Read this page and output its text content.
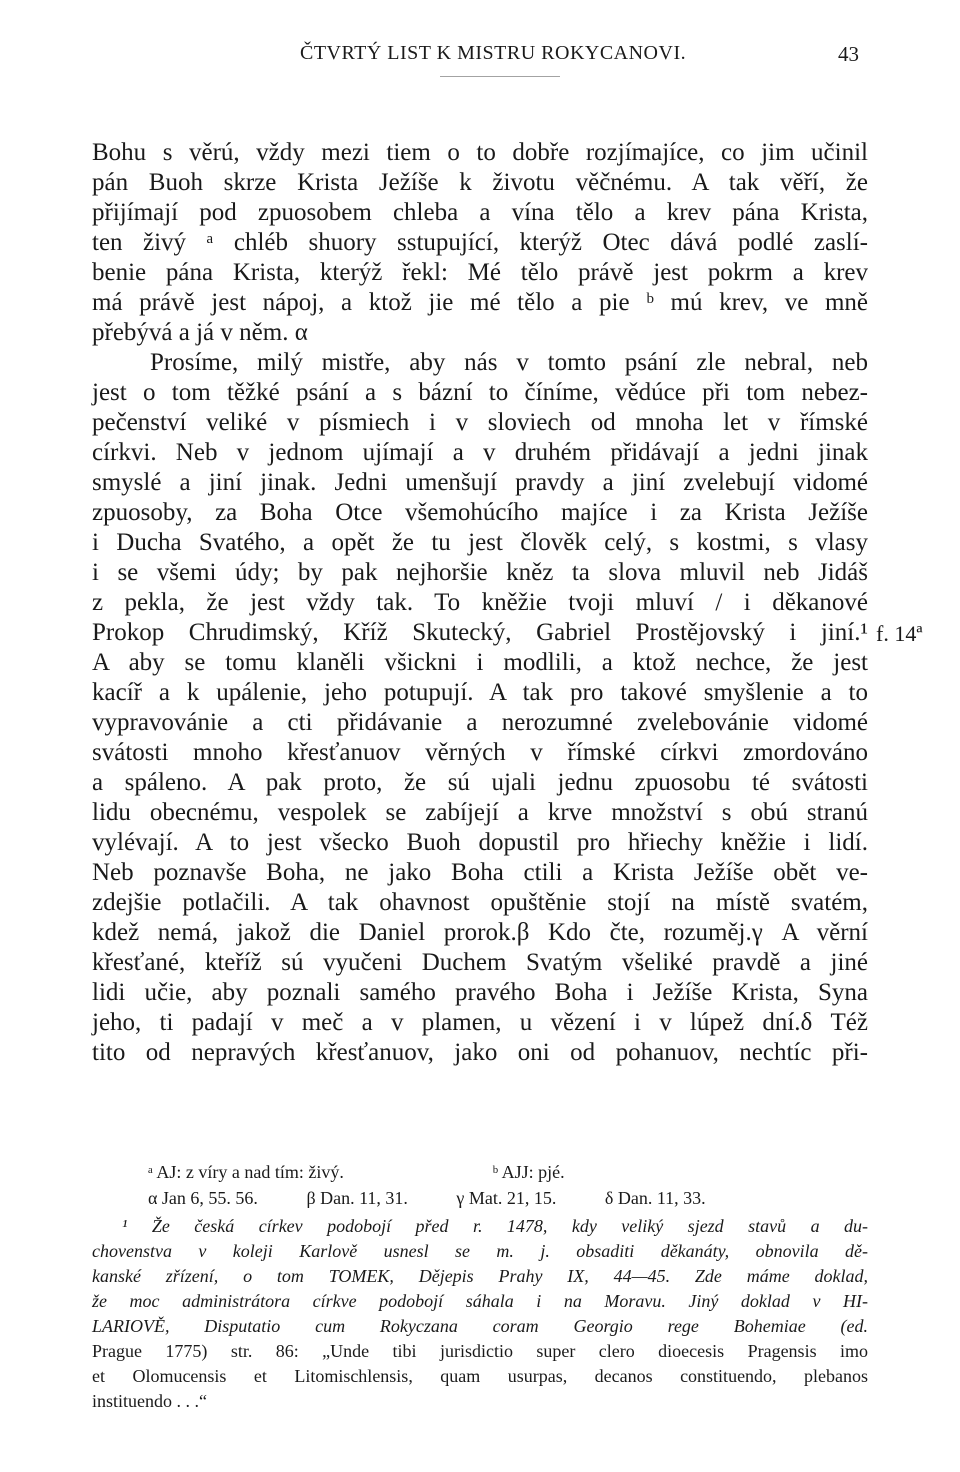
ČTVRTÝ LIST K MISTRU ROKYCANOVI.	43
Bohu s věrú, vždy mezi tiem o to dobře rozjímajíce, co jim učinil
pán Buoh skrze Krista Ježíše k životu věčnému. A tak věří, že
přijímají pod zpuosobem chleba a vína tělo a krev pána Krista,
ten živý ᵃ chléb shuory sstupující, kterýž Otec dává podlé zaslí-
benie pána Krista, kterýž řekl: Mé tělo právě jest pokrm a krev
má právě jest nápoj, a ktož jie mé tělo a pie ᵇ mú krev, ve mně
přebývá a já v něm. α
Prosíme, milý mistře, aby nás v tomto psání zle nebral, neb
jest o tom těžké psání a s bázní to číníme, vědúce při tom nebez-
pečenství veliké v písmiech i v sloviech od mnoha let v římské
církvi. Neb v jednom ujímají a v druhém přidávají a jedni jinak
smyslé a jiní jinak. Jedni umenšují pravdy a jiní zvelebují vidomé
zpuosoby, za Boha Otce všemohúcího majíce i za Krista Ježíše
i Ducha Svatého, a opět že tu jest člověk celý, s kostmi, s vlasy
i se všemi údy; by pak nejhoršie kněz ta slova mluvil neb Jidáš
z pekla, že jest vždy tak. To kněžie tvoji mluví / i děkanové
Prokop Chrudimský, Kříž Skutecký, Gabriel Prostějovský i jiní.¹
A aby se tomu klaněli všickni i modlili, a ktož nechce, že jest
kacíř a k upálenie, jeho potupují. A tak pro takové smyšlenie a to
vypravovánie a cti přidávanie a nerozumné zvelebovánie vidomé
svátosti mnoho křesťanuov věrných v římské církvi zmordováno
a spáleno. A pak proto, že sú ujali jednu zpuosobu té svátosti
lidu obecnému, vespolek se zabíjejí a krve množství s obú stranú
vylévají. A to jest všecko Buoh dopustil pro hřiechy kněžie i lidí.
Neb poznavše Boha, ne jako Boha ctili a Krista Ježíše obět ve-
zdejšie potlačili. A tak ohavnost opuštěnie stojí na místě svatém,
kdež nemá, jakož die Daniel prorok.β Kdo čte, rozuměj.γ A věrní
křesťané, kteříž sú vyučeni Duchem Svatým všeliké pravdě a jiné
lidi učie, aby poznali samého pravého Boha i Ježíše Krista, Syna
jeho, ti padají v meč a v plamen, u vězení i v lúpež dní.δ Též
tito od nepravých křesťanuov, jako oni od pohanuov, nechtíc při-
f. 14ª
ᵃ AJ: z víry a nad tím: živý.	ᵇ AJJ: pjé.
α Jan 6, 55. 56.	β Dan. 11, 31.	γ Mat. 21, 15.	δ Dan. 11, 33.
¹ Že česká církev podobojí před r. 1478, kdy veliký sjezd stavů a du-
chovenstva v koleji Karlově usnesl se m. j. obsaditi děkanáty, obnovila dě-
kanské zřízení, o tom TOMEK, Dějepis Prahy IX, 44—45. Zde máme doklad,
že moc administrátora církve podobojí sáhala i na Moravu. Jiný doklad v HI-
LARIOVĚ, Disputatio cum Rokyczana coram Georgio rege Bohemiae (ed.
Prague 1775) str. 86: „Unde tibi jurisdictio super clero dioecesis Pragensis imo
et Olomucensis et Litomischlensis, quam usurpas, decanos constituendo, plebanos
instituendo . . .“
